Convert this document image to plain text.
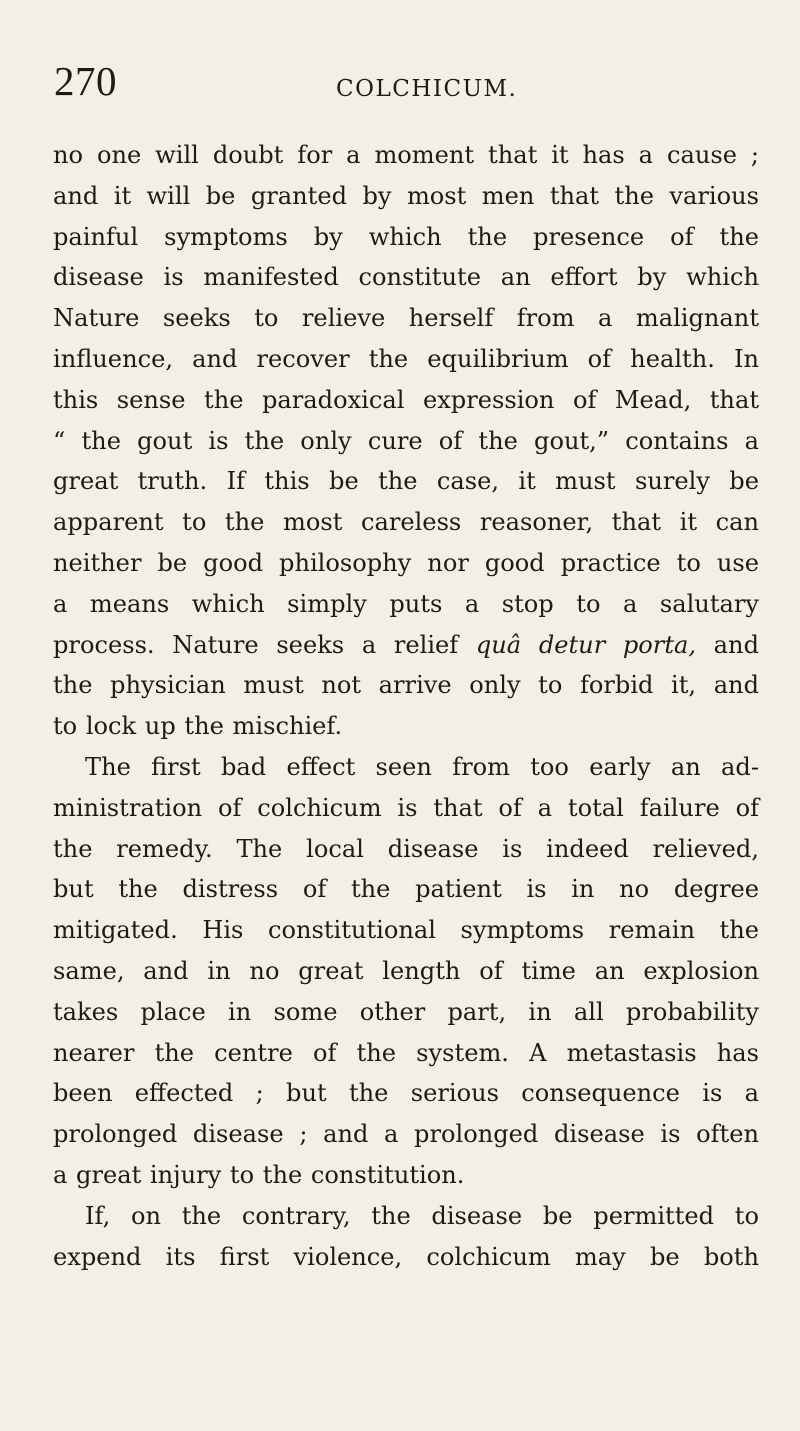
270	COLCHICUM.
no one will doubt for a moment that it has a cause ;
and it will be granted by most men that the various
painful symptoms by which the presence of the
disease is manifested constitute an effort by which
Nature seeks to relieve herself from a malignant
influence, and recover the equilibrium of health. In
this sense the paradoxical expression of Mead, that
“ the gout is the only cure of the gout,” contains a
great truth. If this be the case, it must surely be
apparent to the most careless reasoner, that it can
neither be good philosophy nor good practice to use
a means which simply puts a stop to a salutary
process. Nature seeks a relief quâ detur porta, and
the physician must not arrive only to forbid it, and
to lock up the mischief.
The first bad effect seen from too early an ad-
ministration of colchicum is that of a total failure of
the remedy. The local disease is indeed relieved,
but the distress of the patient is in no degree
mitigated. His constitutional symptoms remain the
same, and in no great length of time an explosion
takes place in some other part, in all probability
nearer the centre of the system. A metastasis has
been effected ; but the serious consequence is a
prolonged disease ; and a prolonged disease is often
a great injury to the constitution.
If, on the contrary, the disease be permitted to
expend its first violence, colchicum may be both
